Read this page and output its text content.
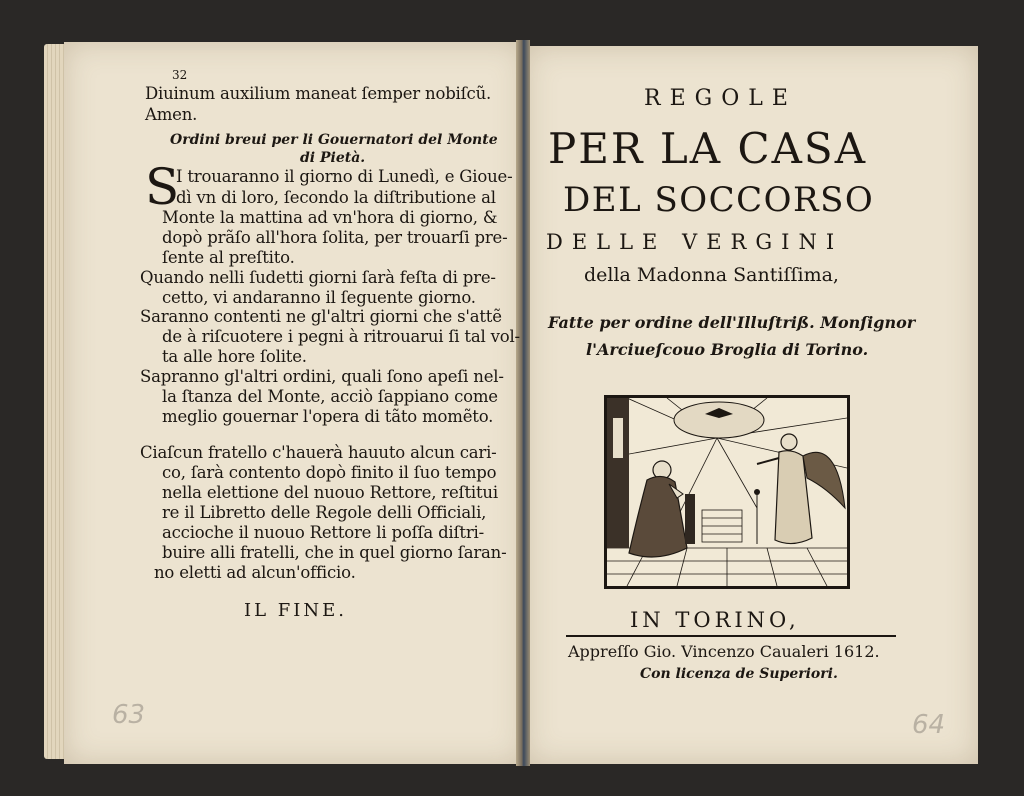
32
Diuinum auxilium maneat ſemper nobiſcũ.
Amen.
Ordini breui per li Gouernatori del Monte
di Pietà.
S
I trouaranno il giorno di Lunedì, e Gioue-
dì vn di loro, ſecondo la diſtributione al
Monte la mattina ad vn'hora di giorno, &
dopò prãſo all'hora ſolita, per trouarſi pre-
ſente al preſtito.
Quando nelli ſudetti giorni ſarà feſta di pre-
cetto, vi andaranno il ſeguente giorno.
Saranno contenti ne gl'altri giorni che s'attẽ
de à riſcuotere i pegni à ritrouarui ſi tal vol-
ta alle hore ſolite.
Sapranno gl'altri ordini, quali ſono apeſi nel-
la ſtanza del Monte, acciò ſappiano come
meglio gouernar l'opera di tãto momẽto.
Ciaſcun fratello c'hauerà hauuto alcun cari-
co, ſarà contento dopò finito il ſuo tempo
nella elettione del nuouo Rettore, reſtitui
re il Libretto delle Regole delli Officiali,
accioche il nuouo Rettore li poſſa diſtri-
buire alli fratelli, che in quel giorno ſaran-
no eletti ad alcun'officio.
IL FINE.
63
REGOLE
PER LA CASA
DEL SOCCORSO
DELLE VERGINI
della Madonna Santiſſima,
Fatte per ordine dell'Illuſtriß. Monſignor
l'Arciueſcouo Broglia di Torino.
IN TORINO,
Appreſſo Gio. Vincenzo Caualeri 1612.
Con licenza de Superiori.
64
